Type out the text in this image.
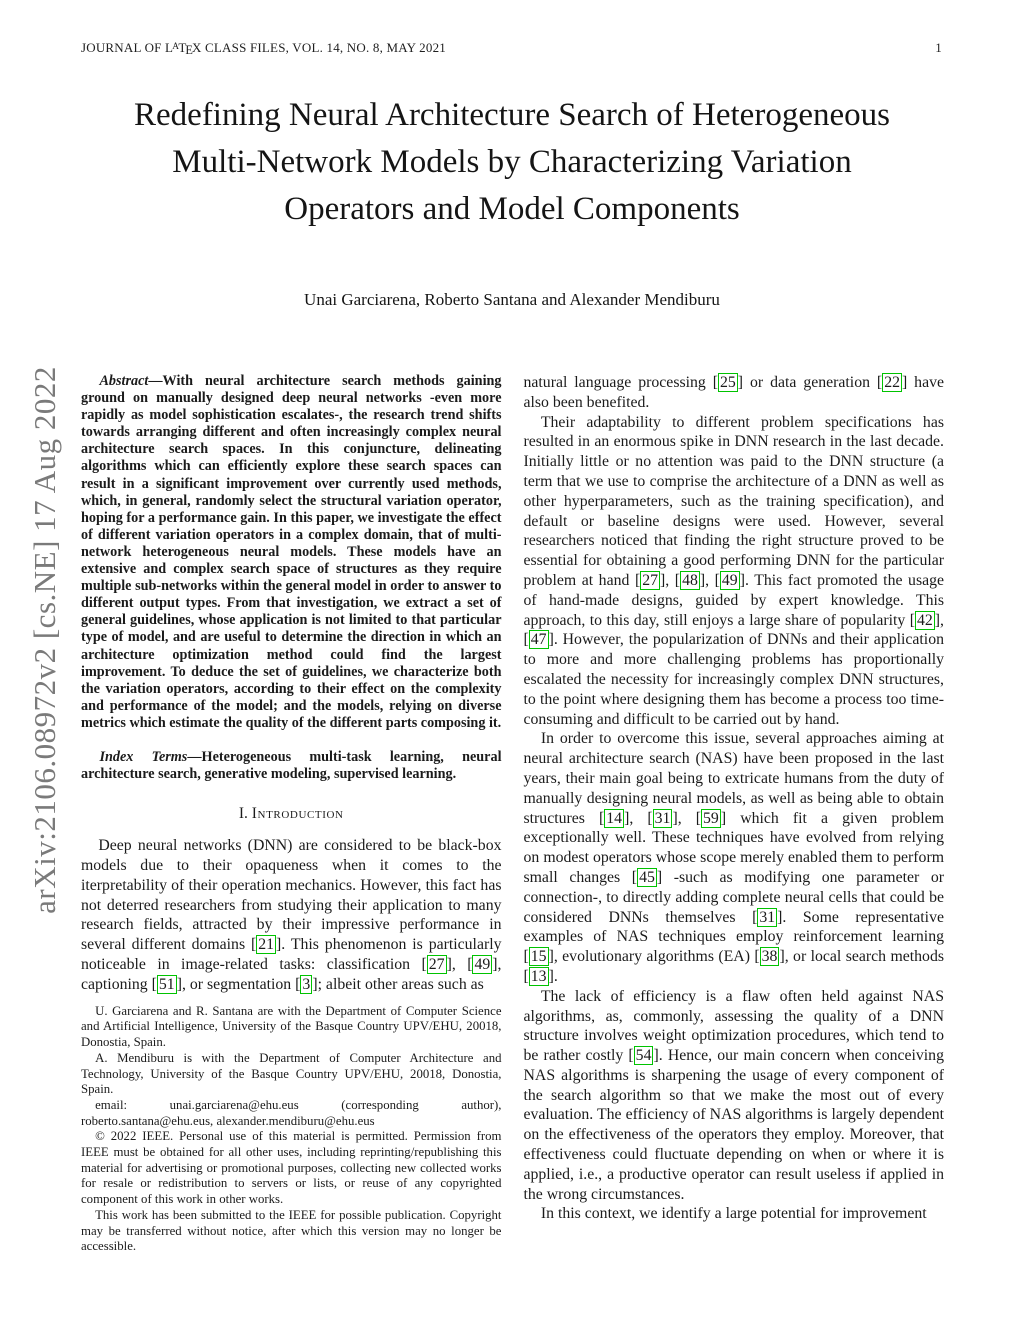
JOURNAL OF $L^ATEX$ CLASS FILES, VOL. 14, NO. 8, MAY 2021	1
arXiv:2106.08972v2 [cs.NE] 17 Aug 2022
Redefining Neural Architecture Search of Heterogeneous Multi-Network Models by Characterizing Variation Operators and Model Components
Unai Garciarena, Roberto Santana and Alexander Mendiburu

Abstract—With neural architecture search methods gaining ground on manually designed deep neural networks -even more rapidly as model sophistication escalates-, the research trend shifts towards arranging different and often increasingly complex neural architecture search spaces. In this conjuncture, delineating algorithms which can efficiently explore these search spaces can result in a significant improvement over currently used methods, which, in general, randomly select the structural variation operator, hoping for a performance gain. In this paper, we investigate the effect of different variation operators in a complex domain, that of multi-network heterogeneous neural models. These models have an extensive and complex search space of structures as they require multiple sub-networks within the general model in order to answer to different output types. From that investigation, we extract a set of general guidelines, whose application is not limited to that particular type of model, and are useful to determine the direction in which an architecture optimization method could find the largest improvement. To deduce the set of guidelines, we characterize both the variation operators, according to their effect on the complexity and performance of the model; and the models, relying on diverse metrics which estimate the quality of the different parts composing it.

Index Terms—Heterogeneous multi-task learning, neural architecture search, generative modeling, supervised learning.

I. Introduction

Deep neural networks (DNN) are considered to be black-box models due to their opaqueness when it comes to the iterpretability of their operation mechanics. However, this fact has not deterred researchers from studying their application to many research fields, attracted by their impressive performance in several different domains [ 21 ]. This phenomenon is particularly noticeable in image-related tasks: classification [ 27 ], [ 49 ], captioning [ 51 ], or segmentation [ 3 ]; albeit other areas such as

U. Garciarena and R. Santana are with the Department of Computer Science and Artificial Intelligence, University of the Basque Country UPV/EHU, 20018, Donostia, Spain.

A. Mendiburu is with the Department of Computer Architecture and Technology, University of the Basque Country UPV/EHU, 20018, Donostia, Spain.

email: unai.garciarena@ehu.eus (corresponding author), roberto.santana@ehu.eus, alexander.mendiburu@ehu.eus

© 2022 IEEE. Personal use of this material is permitted. Permission from IEEE must be obtained for all other uses, including reprinting/republishing this material for advertising or promotional purposes, collecting new collected works for resale or redistribution to servers or lists, or reuse of any copyrighted component of this work in other works.

This work has been submitted to the IEEE for possible publication. Copyright may be transferred without notice, after which this version may no longer be accessible.

natural language processing [ 25 ] or data generation [ 22 ] have also been benefited.

Their adaptability to different problem specifications has resulted in an enormous spike in DNN research in the last decade. Initially little or no attention was paid to the DNN structure (a term that we use to comprise the architecture of a DNN as well as other hyperparameters, such as the training specification), and default or baseline designs were used. However, several researchers noticed that finding the right structure proved to be essential for obtaining a good performing DNN for the particular problem at hand [ 27 ], [ 48 ], [ 49 ]. This fact promoted the usage of hand-made designs, guided by expert knowledge. This approach, to this day, still enjoys a large share of popularity [ 42 ], [ 47 ]. However, the popularization of DNNs and their application to more and more challenging problems has proportionally escalated the necessity for increasingly complex DNN structures, to the point where designing them has become a process too time-consuming and difficult to be carried out by hand.

In order to overcome this issue, several approaches aiming at neural architecture search (NAS) have been proposed in the last years, their main goal being to extricate humans from the duty of manually designing neural models, as well as being able to obtain structures [ 14 ], [ 31 ], [ 59 ] which fit a given problem exceptionally well. These techniques have evolved from relying on modest operators whose scope merely enabled them to perform small changes [ 45 ] -such as modifying one parameter or connection-, to directly adding complete neural cells that could be considered DNNs themselves [ 31 ]. Some representative examples of NAS techniques employ reinforcement learning [ 15 ], evolutionary algorithms (EA) [ 38 ], or local search methods [ 13 ].

The lack of efficiency is a flaw often held against NAS algorithms, as, commonly, assessing the quality of a DNN structure involves weight optimization procedures, which tend to be rather costly [ 54 ]. Hence, our main concern when conceiving NAS algorithms is sharpening the usage of every component of the search algorithm so that we make the most out of every evaluation. The efficiency of NAS algorithms is largely dependent on the effectiveness of the operators they employ. Moreover, that effectiveness could fluctuate depending on when or where it is applied, i.e., a productive operator can result useless if applied in the wrong circumstances.

In this context, we identify a large potential for improvement
